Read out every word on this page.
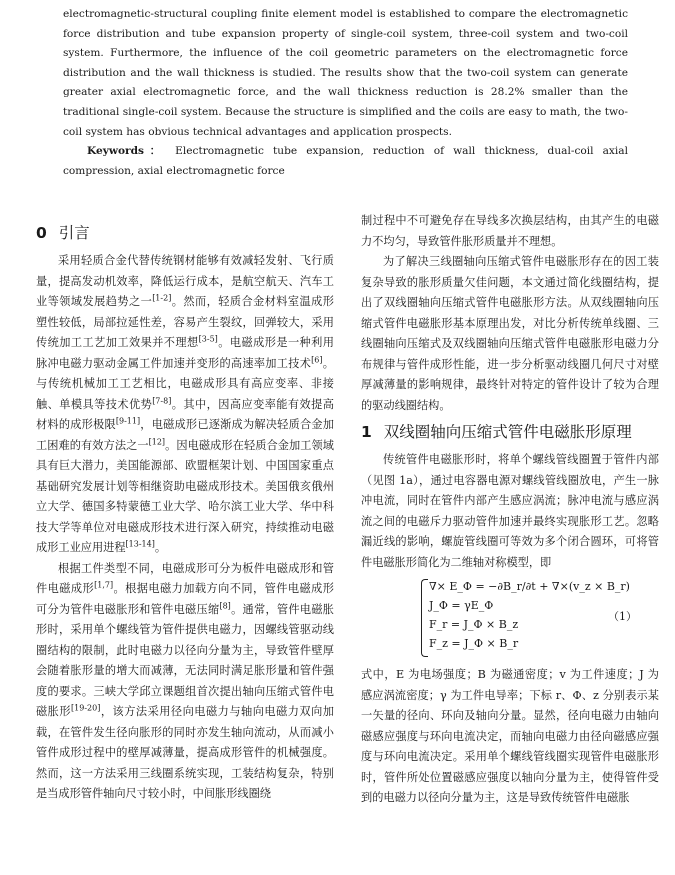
electromagnetic-structural coupling finite element model is established to compare the electromagnetic force distribution and tube expansion property of single-coil system, three-coil system and two-coil system. Furthermore, the influence of the coil geometric parameters on the electromagnetic force distribution and the wall thickness is studied. The results show that the two-coil system can generate greater axial electromagnetic force, and the wall thickness reduction is 28.2% smaller than the traditional single-coil system. Because the structure is simplified and the coils are easy to math, the two-coil system has obvious technical advantages and application prospects.

Keywords： Electromagnetic tube expansion, reduction of wall thickness, dual-coil axial compression, axial electromagnetic force

0 引言

采用轻质合金代替传统钢材能够有效减轻发射、飞行质量，提高发动机效率，降低运行成本，是航空航天、汽车工业等领域发展趋势之一[1-2]。然而，轻质合金材料室温成形塑性较低，局部拉延性差，容易产生裂纹，回弹较大，采用传统加工工艺加工效果并不理想[3-5]。电磁成形是一种利用脉冲电磁力驱动金属工件加速并变形的高速率加工技术[6]。与传统机械加工工艺相比，电磁成形具有高应变率、非接触、单模具等技术优势[7-8]。其中，因高应变率能有效提高材料的成形极限[9-11]，电磁成形已逐渐成为解决轻质合金加工困难的有效方法之一[12]。因电磁成形在轻质合金加工领域具有巨大潜力，美国能源部、欧盟框架计划、中国国家重点基础研究发展计划等相继资助电磁成形技术。美国俄亥俄州立大学、德国多特蒙德工业大学、哈尔滨工业大学、华中科技大学等单位对电磁成形技术进行深入研究，持续推动电磁成形工业应用进程[13-14]。

根据工件类型不同，电磁成形可分为板件电磁成形和管件电磁成形[1,7]。根据电磁力加载方向不同，管件电磁成形可分为管件电磁胀形和管件电磁压缩[8]。通常，管件电磁胀形时，采用单个螺线管为管件提供电磁力，因螺线管驱动线圈结构的限制，此时电磁力以径向分量为主，导致管件壁厚会随着胀形量的增大而减薄，无法同时满足胀形量和管件强度的要求。三峡大学邱立课题组首次提出轴向压缩式管件电磁胀形[19-20]，该方法采用径向电磁力与轴向电磁力双向加载，在管件发生径向胀形的同时亦发生轴向流动，从而减小管件成形过程中的壁厚减薄量，提高成形管件的机械强度。然而，这一方法采用三线圈系统实现，工装结构复杂，特别是当成形管件轴向尺寸较小时，中间胀形线圈绕

制过程中不可避免存在导线多次换层结构，由其产生的电磁力不均匀，导致管件胀形质量并不理想。

为了解决三线圈轴向压缩式管件电磁胀形存在的因工装复杂导致的胀形质量欠佳问题，本文通过简化线圈结构，提出了双线圈轴向压缩式管件电磁胀形方法。从双线圈轴向压缩式管件电磁胀形基本原理出发，对比分析传统单线圈、三线圈轴向压缩式及双线圈轴向压缩式管件电磁胀形电磁力分布规律与管件成形性能，进一步分析驱动线圈几何尺寸对壁厚减薄量的影响规律，最终针对特定的管件设计了较为合理的驱动线圈结构。

1 双线圈轴向压缩式管件电磁胀形原理

传统管件电磁胀形时，将单个螺线管线圈置于管件内部（见图 1a），通过电容器电源对螺线管线圈放电，产生一脉冲电流，同时在管件内部产生感应涡流；脉冲电流与感应涡流之间的电磁斥力驱动管件加速并最终实现胀形工艺。忽略漏近线的影响，螺旋管线圈可等效为多个闭合圆环，可将管件电磁胀形简化为二维轴对称模型，即

∇× E_Φ = −∂B_r/∂t + ∇×(v_z × B_r)
J_Φ = γE_Φ
F_r = J_Φ × B_z
F_z = J_Φ × B_r
（1）

式中，E 为电场强度；B 为磁通密度；v 为工件速度；J 为感应涡流密度；γ 为工件电导率；下标 r、Φ、z 分别表示某一矢量的径向、环向及轴向分量。显然，径向电磁力由轴向磁感应强度与环向电流决定，而轴向电磁力由径向磁感应强度与环向电流决定。采用单个螺线管线圈实现管件电磁胀形时，管件所处位置磁感应强度以轴向分量为主，使得管件受到的电磁力以径向分量为主，这是导致传统管件电磁胀
